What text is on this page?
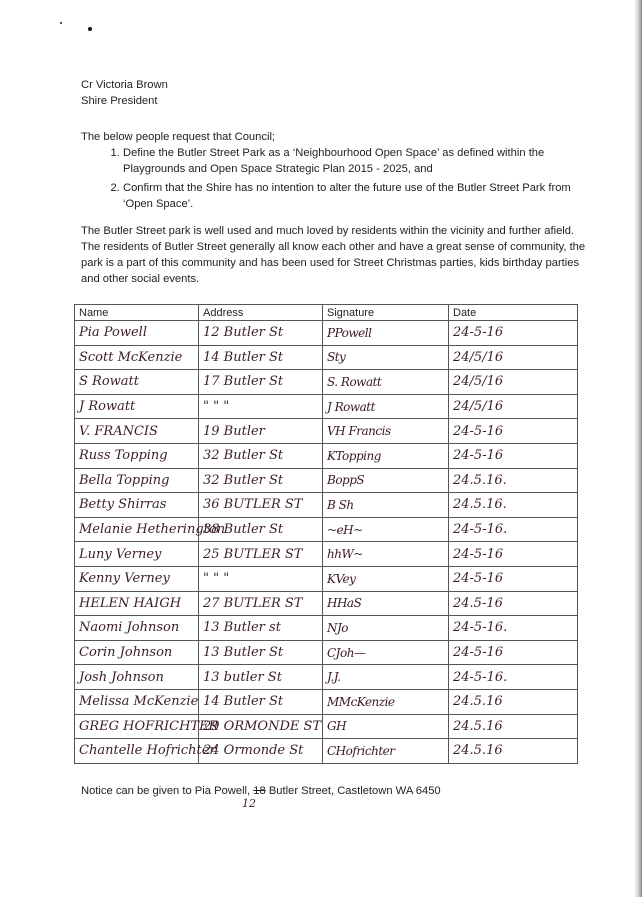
Cr Victoria Brown
Shire President
The below people request that Council;
1. Define the Butler Street Park as a ‘Neighbourhood Open Space’ as defined within the Playgrounds and Open Space Strategic Plan 2015 - 2025, and
2. Confirm that the Shire has no intention to alter the future use of the Butler Street Park from ‘Open Space’.
The Butler Street park is well used and much loved by residents within the vicinity and further afield. The residents of Butler Street generally all know each other and have a great sense of community, the park is a part of this community and has been used for Street Christmas parties, kids birthday parties and other social events.
Name	Address	Signature	Date
Pia Powell	12 Butler St	PPowell	24-5-16
Scott McKenzie	14 Butler St	Sty	24/5/16
S Rowatt	17 Butler St	S. Rowatt	24/5/16
J Rowatt	" " "	J Rowatt	24/5/16
V. FRANCIS	19 Butler	VH Francis	24-5-16
Russ Topping	32 Butler St	KTopping	24-5-16
Bella Topping	32 Butler St	BoppS	24.5.16.
Betty Shirras	36 BUTLER ST	B Sh	24.5.16.
Melanie Hetherington	38 Butler St	~eH~	24-5-16.
Luny Verney	25 BUTLER ST	hhW~	24-5-16
Kenny Verney	" " "	KVey	24-5-16
HELEN HAIGH	27 BUTLER ST	HHaS	24.5-16
Naomi Johnson	13 Butler st	NJo	24-5-16.
Corin Johnson	13 Butler St	CJoh—	24-5-16
Josh Johnson	13 butler St	J.J.	24-5-16.
Melissa McKenzie	14 Butler St	MMcKenzie	24.5.16
GREG HOFRICHTER	29 ORMONDE ST	GH	24.5.16
Chantelle Hofrichter	24 Ormonde St	CHofrichter	24.5.16
Notice can be given to Pia Powell, 18 Butler Street, Castletown WA 6450
12
